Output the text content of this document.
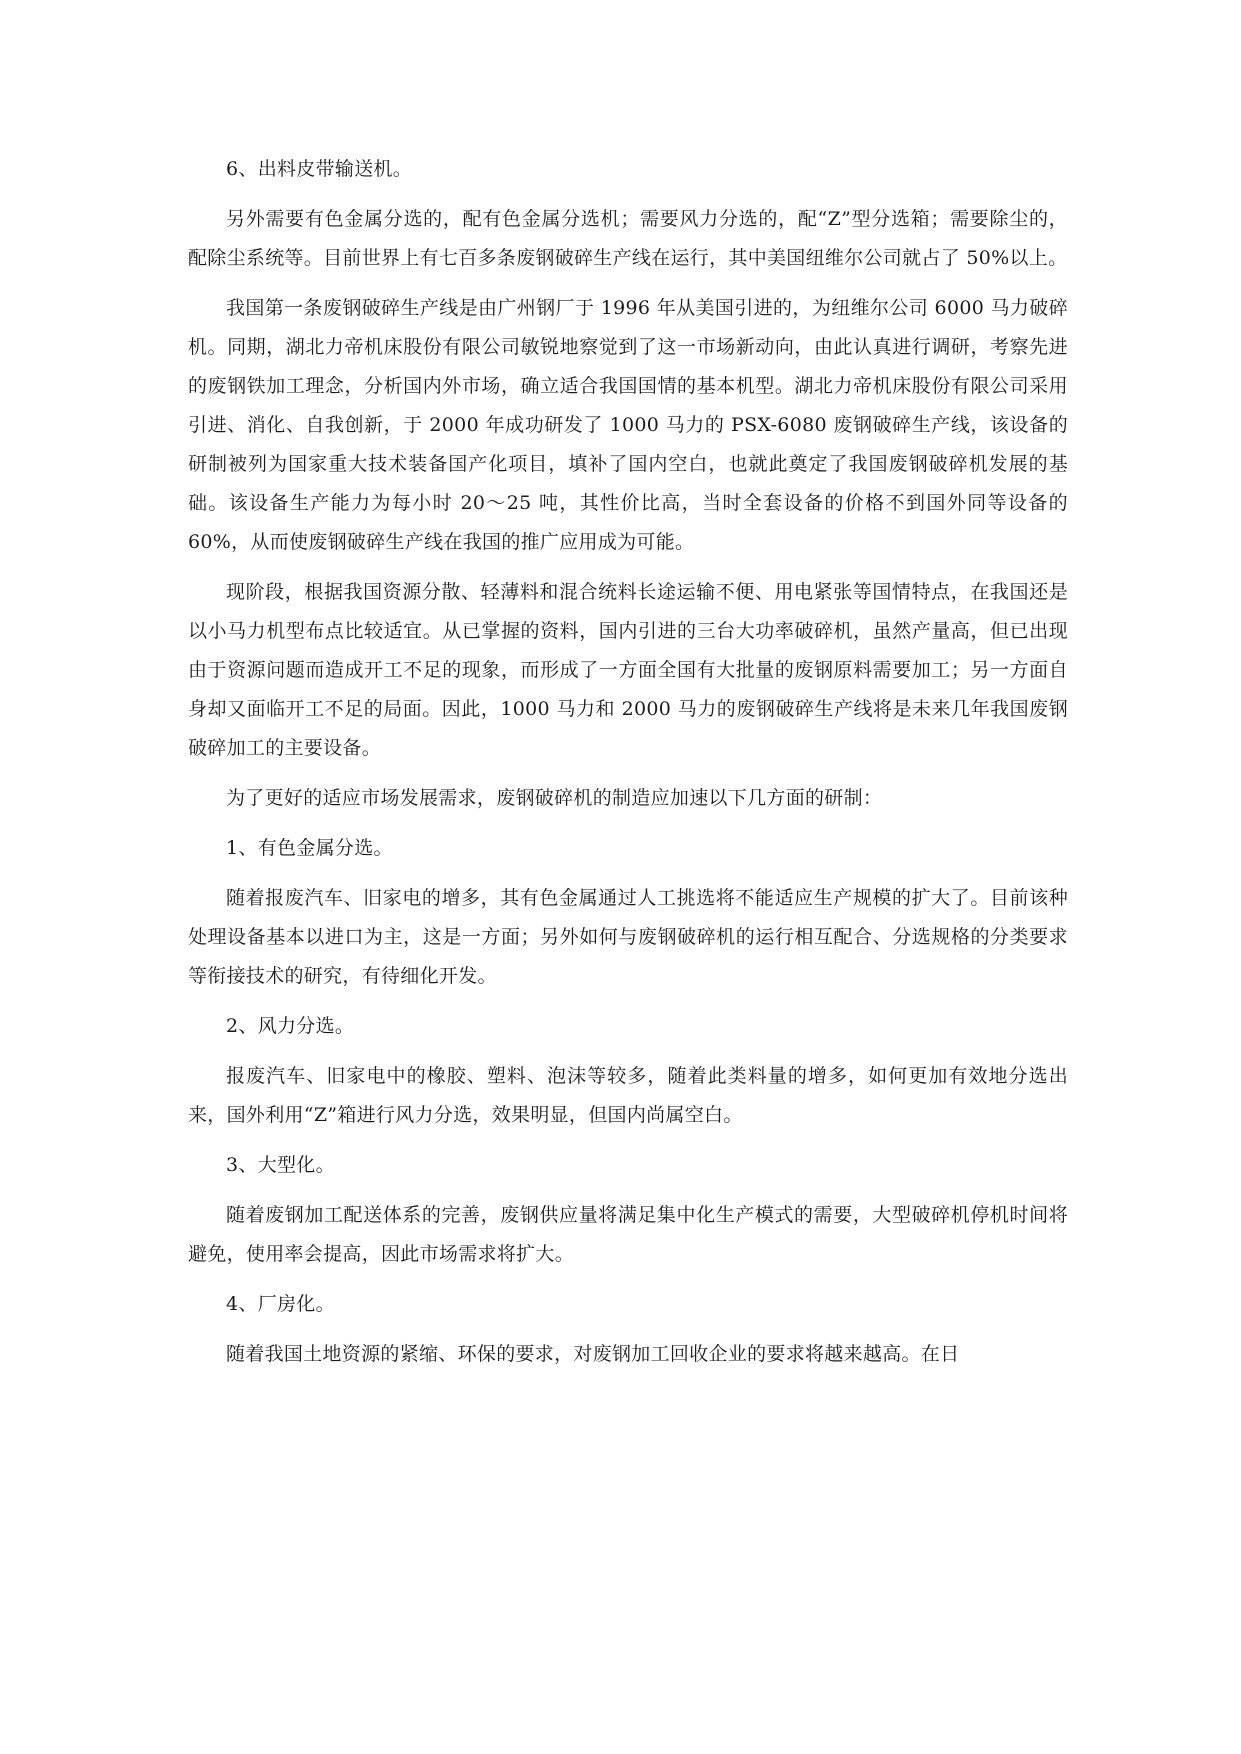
6、出料皮带输送机。

另外需要有色金属分选的，配有色金属分选机；需要风力分选的，配“Z”型分选箱；需要除尘的，配除尘系统等。目前世界上有七百多条废钢破碎生产线在运行，其中美国纽维尔公司就占了 50%以上。

我国第一条废钢破碎生产线是由广州钢厂于 1996 年从美国引进的，为纽维尔公司 6000 马力破碎机。同期，湖北力帝机床股份有限公司敏锐地察觉到了这一市场新动向，由此认真进行调研，考察先进的废钢铁加工理念，分析国内外市场，确立适合我国国情的基本机型。湖北力帝机床股份有限公司采用引进、消化、自我创新，于 2000 年成功研发了 1000 马力的 PSX-6080 废钢破碎生产线，该设备的研制被列为国家重大技术装备国产化项目，填补了国内空白，也就此奠定了我国废钢破碎机发展的基础。该设备生产能力为每小时 20～25 吨，其性价比高，当时全套设备的价格不到国外同等设备的 60%，从而使废钢破碎生产线在我国的推广应用成为可能。

现阶段，根据我国资源分散、轻薄料和混合统料长途运输不便、用电紧张等国情特点，在我国还是以小马力机型布点比较适宜。从已掌握的资料，国内引进的三台大功率破碎机，虽然产量高，但已出现由于资源问题而造成开工不足的现象，而形成了一方面全国有大批量的废钢原料需要加工；另一方面自身却又面临开工不足的局面。因此，1000 马力和 2000 马力的废钢破碎生产线将是未来几年我国废钢破碎加工的主要设备。

为了更好的适应市场发展需求，废钢破碎机的制造应加速以下几方面的研制：

1、有色金属分选。

随着报废汽车、旧家电的增多，其有色金属通过人工挑选将不能适应生产规模的扩大了。目前该种处理设备基本以进口为主，这是一方面；另外如何与废钢破碎机的运行相互配合、分选规格的分类要求等衔接技术的研究，有待细化开发。

2、风力分选。

报废汽车、旧家电中的橡胶、塑料、泡沫等较多，随着此类料量的增多，如何更加有效地分选出来，国外利用“Z”箱进行风力分选，效果明显，但国内尚属空白。

3、大型化。

随着废钢加工配送体系的完善，废钢供应量将满足集中化生产模式的需要，大型破碎机停机时间将避免，使用率会提高，因此市场需求将扩大。

4、厂房化。

随着我国土地资源的紧缩、环保的要求，对废钢加工回收企业的要求将越来越高。在日
